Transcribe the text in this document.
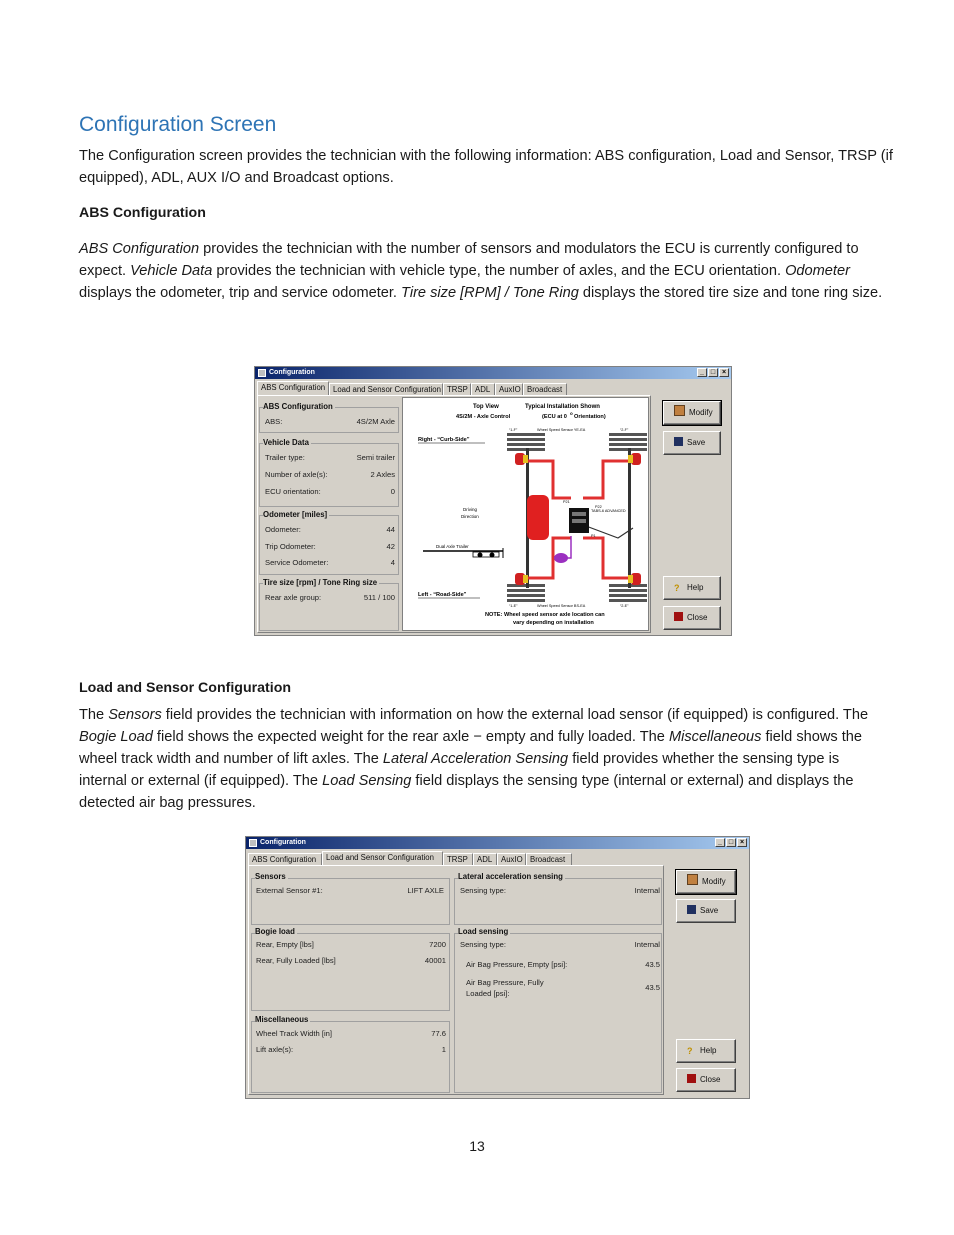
Configuration Screen
The Configuration screen provides the technician with the following information: ABS configuration, Load and Sensor, TRSP (if equipped), ADL, AUX I/O and Broadcast options.
ABS Configuration
ABS Configuration provides the technician with the number of sensors and modulators the ECU is currently configured to expect. Vehicle Data provides the technician with vehicle type, the number of axles, and the ECU orientation. Odometer displays the odometer, trip and service odometer. Tire size [RPM] / Tone Ring displays the stored tire size and tone ring size.
Configuration	_ □ ×
ABS Configuration	Load and Sensor Configuration TRSP ADL	AuxIO Broadcast
ABS Configuration
ABS:	4S/2M Axle
Vehicle Data
Trailer type:	Semi trailer
Number of axle(s):	2 Axles
ECU orientation:	0
Odometer [miles]
Odometer:	44
Trip Odometer:	42
Service Odometer:	4
Tire size [rpm] / Tone Ring size
Rear axle group:	511 / 100
Top View	Typical Installation Shown
4S/2M - Axle Control	(ECU at 0
o
Orientation)
Right - “Curb-Side”
Left - “Road-Side”
“1-F”	Wheel Speed Sensor YE-EA	“2-F”
“1-E”	Wheel Speed Sensor BS-EA	“2-E”
P21
P1
TABS-6 ADVANCED
P22
Driving
Direction
Dual Axle Trailer
NOTE: Wheel speed sensor axle location can
vary depending on installation
Modify
Save
? Help
Close
Load and Sensor Configuration
The Sensors field provides the technician with information on how the external load sensor (if equipped) is configured. The Bogie Load field shows the expected weight for the rear axle − empty and fully loaded. The Miscellaneous field shows the wheel track width and number of lift axles. The Lateral Acceleration Sensing field provides whether the sensing type is internal or external (if equipped). The Load Sensing field displays the sensing type (internal or external) and displays the detected air bag pressures.
Configuration	_ □ ×
ABS Configuration	Load and Sensor Configuration	TRSP	ADL	AuxIO Broadcast
Sensors
External Sensor #1:	LIFT AXLE
Bogie load
Rear, Empty [lbs]	7200
Rear, Fully Loaded [lbs]	40001
Miscellaneous
Wheel Track Width [in]	77.6
Lift axle(s):	1
Lateral acceleration sensing
Sensing type:	Internal
Load sensing
Sensing type:	Internal
Air Bag Pressure, Empty [psi]:	43.5
Air Bag Pressure, Fully
Loaded [psi]:
43.5
Modify
Save
? Help
Close
13
